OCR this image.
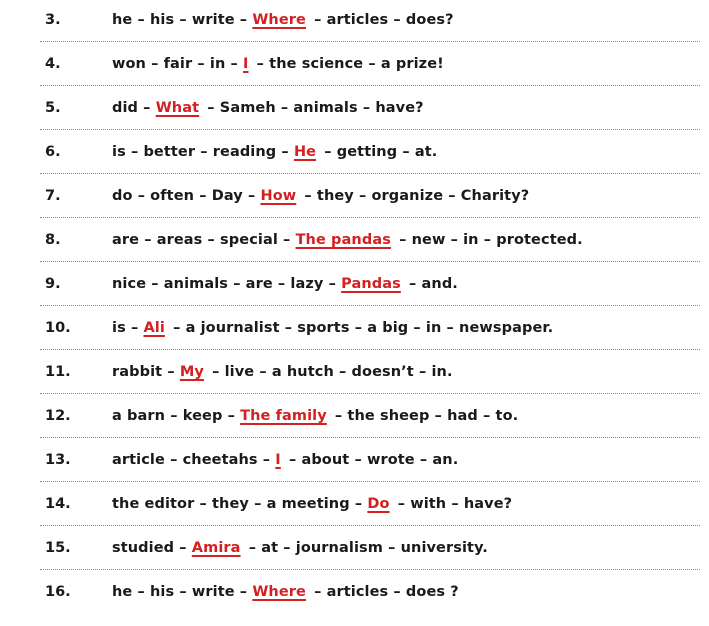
3.	he – his – write – Where – articles – does?
4.	won – fair – in – I – the science – a prize!
5.	did – What – Sameh – animals – have?
6.	is – better – reading – He – getting – at.
7.	do – often – Day – How – they – organize – Charity?
8.	are – areas – special – The pandas – new – in – protected.
9.	nice – animals – are – lazy – Pandas – and.
10.	is – Ali – a journalist – sports – a big – in – newspaper.
11.	rabbit – My – live – a hutch – doesn’t – in.
12.	a barn – keep – The family – the sheep – had – to.
13.	article – cheetahs – I – about – wrote – an.
14.	the editor – they – a meeting – Do – with – have?
15.	studied – Amira – at – journalism – university.
16.	he – his – write – Where – articles – does ?
